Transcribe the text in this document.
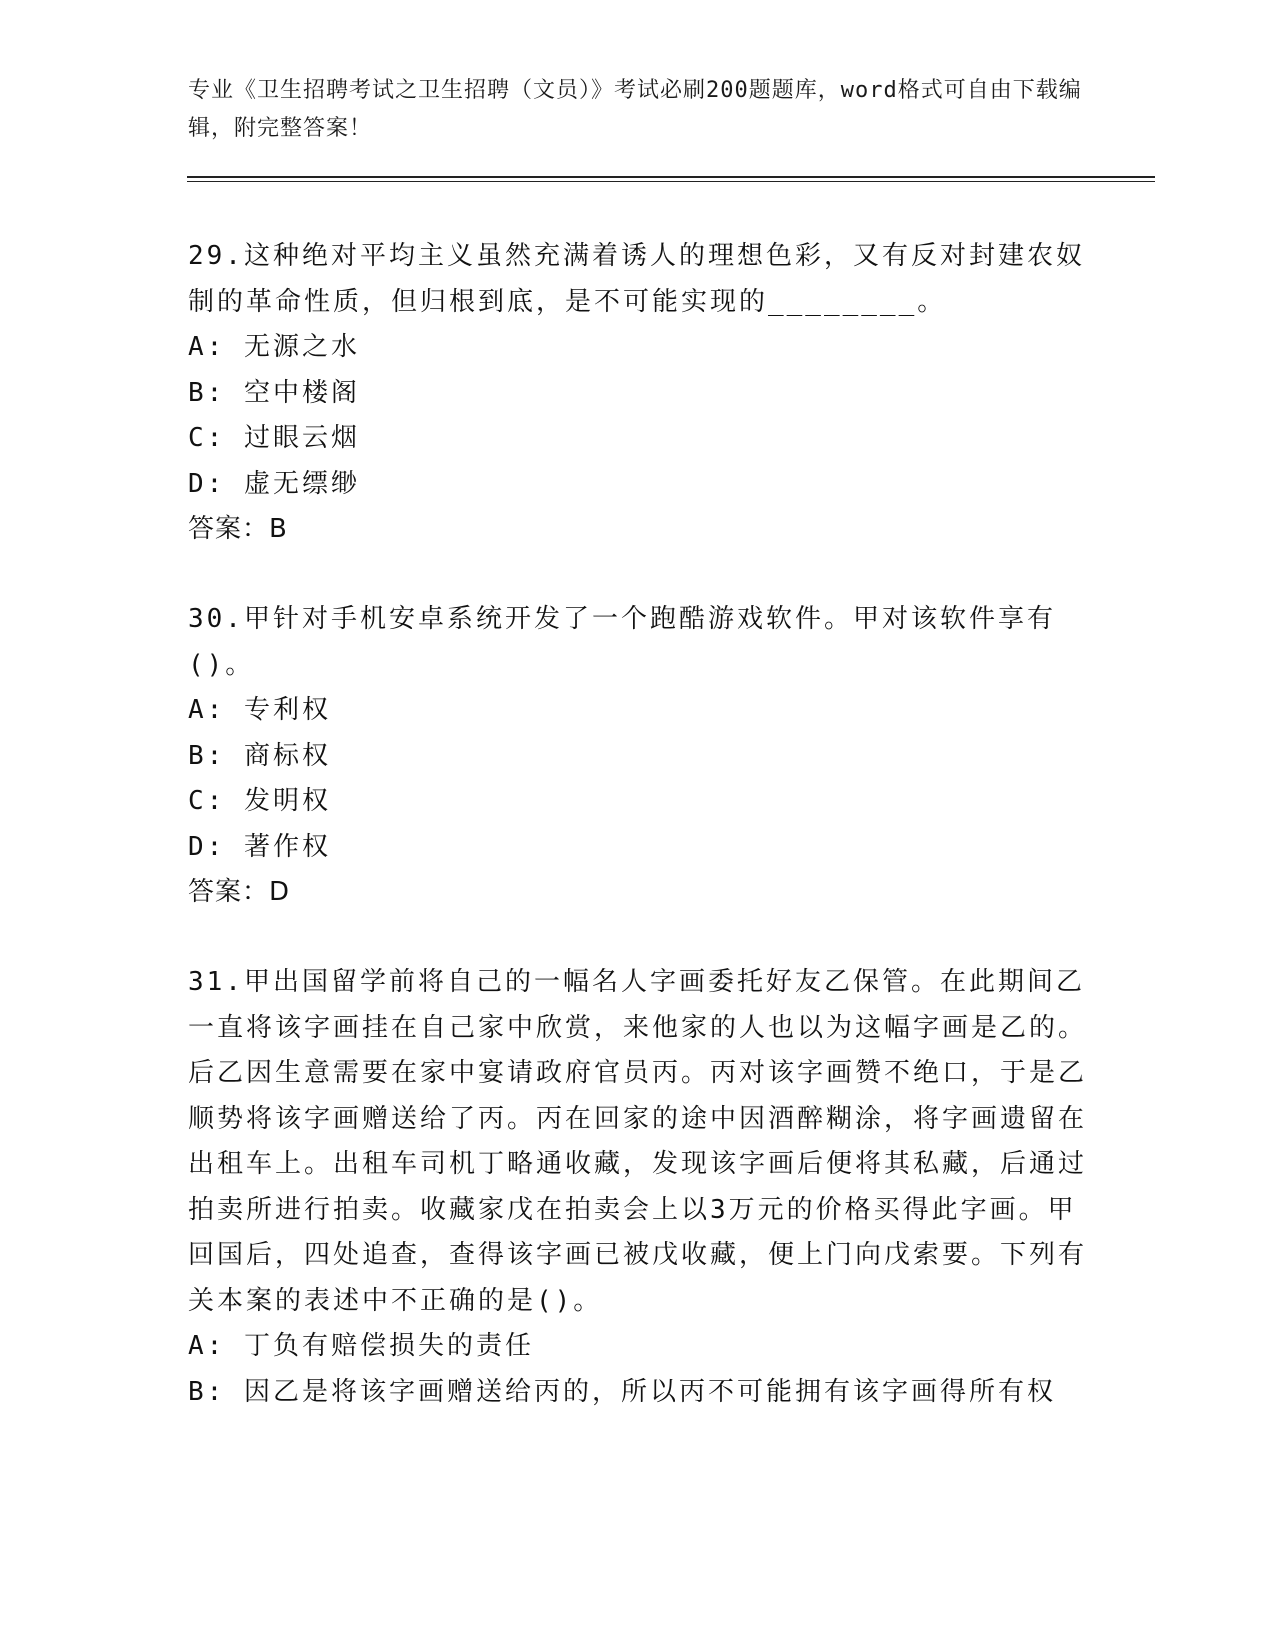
专业《卫生招聘考试之卫生招聘（文员）》考试必刷200题题库，word格式可自由下载编辑，附完整答案！

29.这种绝对平均主义虽然充满着诱人的理想色彩，又有反对封建农奴制的革命性质，但归根到底，是不可能实现的________。

A: 无源之水

B: 空中楼阁

C: 过眼云烟

D: 虚无缥缈

答案：B

30.甲针对手机安卓系统开发了一个跑酷游戏软件。甲对该软件享有()。

A: 专利权

B: 商标权

C: 发明权

D: 著作权

答案：D

31.甲出国留学前将自己的一幅名人字画委托好友乙保管。在此期间乙一直将该字画挂在自己家中欣赏，来他家的人也以为这幅字画是乙的。后乙因生意需要在家中宴请政府官员丙。丙对该字画赞不绝口，于是乙顺势将该字画赠送给了丙。丙在回家的途中因酒醉糊涂，将字画遗留在出租车上。出租车司机丁略通收藏，发现该字画后便将其私藏，后通过拍卖所进行拍卖。收藏家戊在拍卖会上以3万元的价格买得此字画。甲回国后，四处追查，查得该字画已被戊收藏，便上门向戊索要。下列有关本案的表述中不正确的是()。

A: 丁负有赔偿损失的责任

B: 因乙是将该字画赠送给丙的，所以丙不可能拥有该字画得所有权
